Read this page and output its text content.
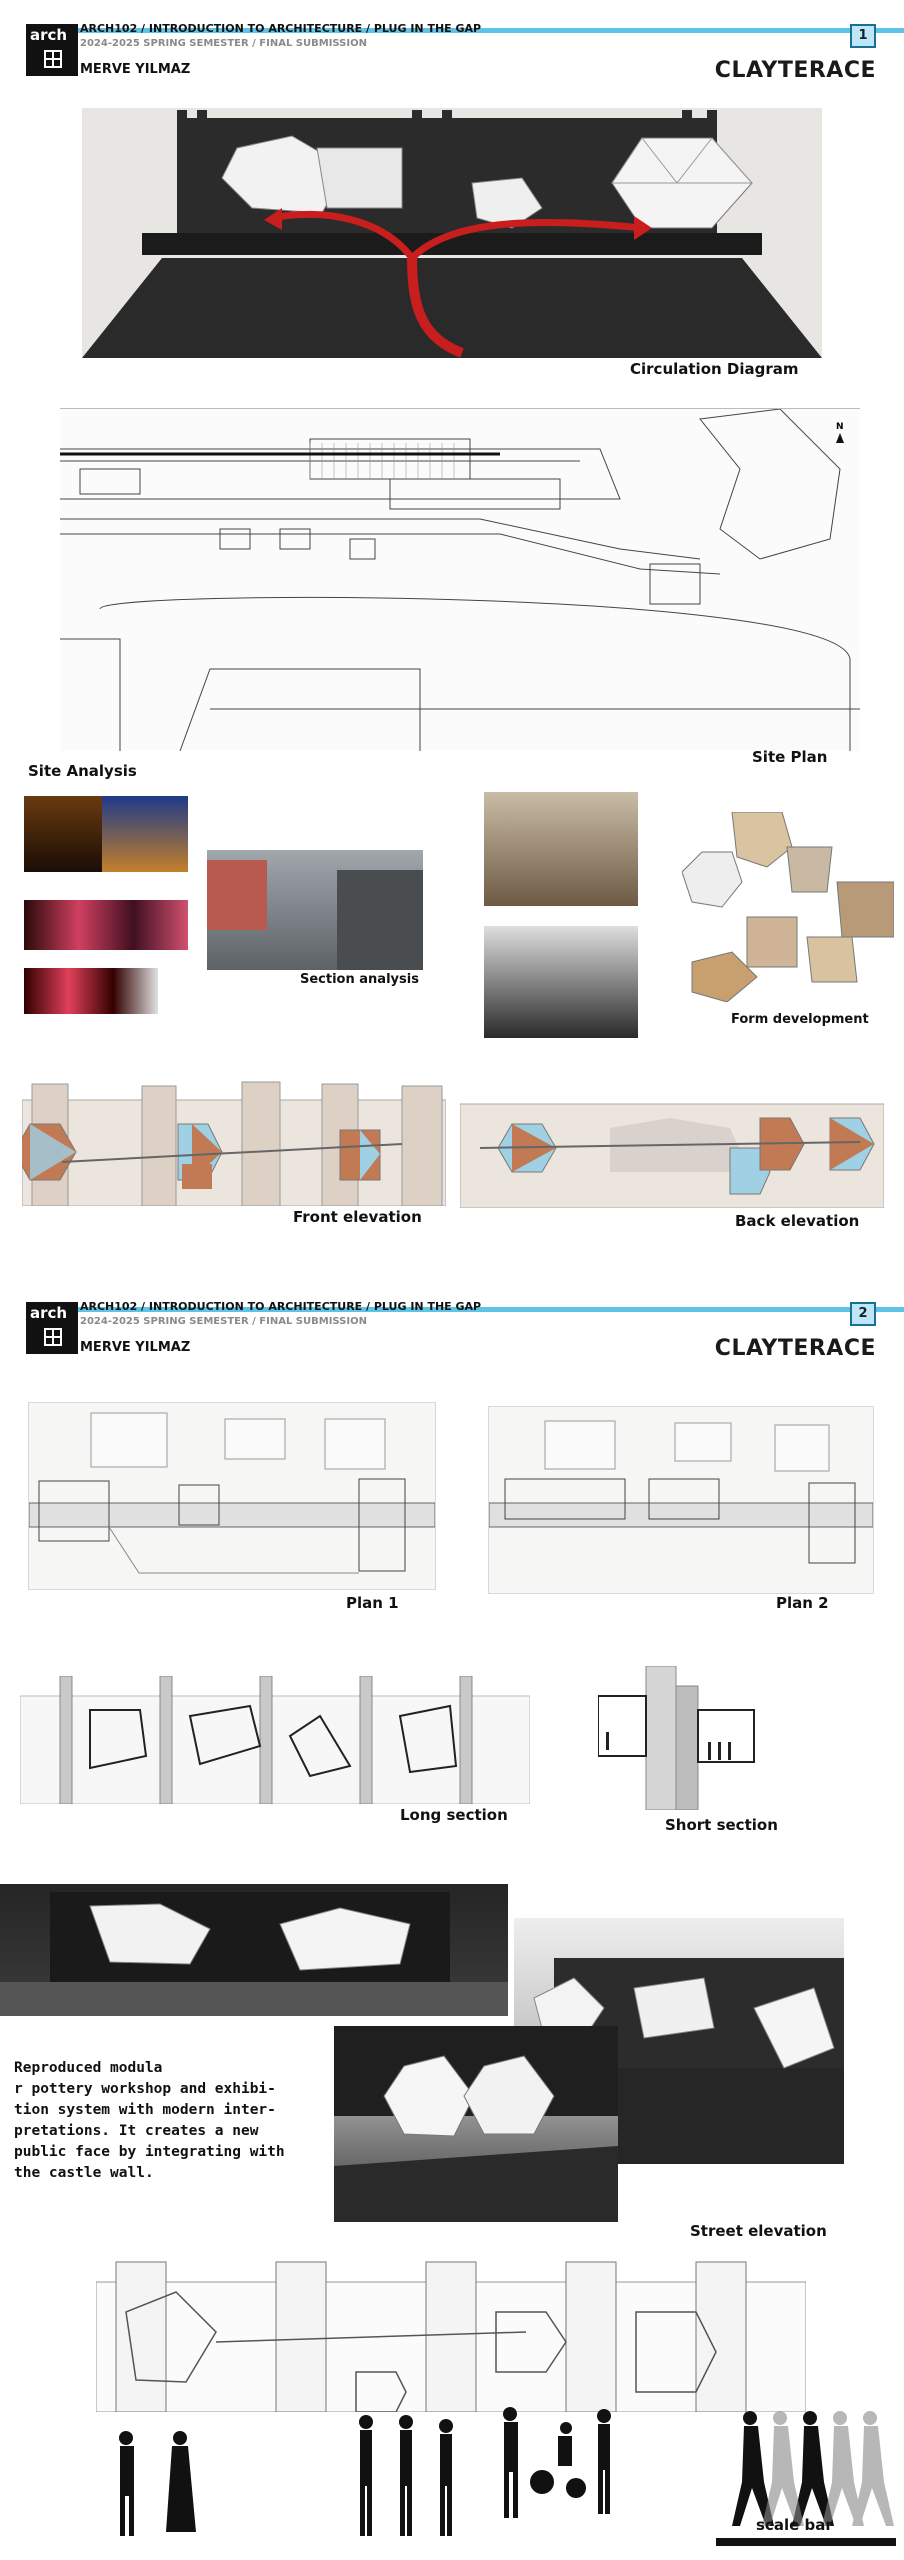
arch ARCH102 / INTRODUCTION TO ARCHITECTURE / PLUG IN THE GAP
2024-2025 SPRING SEMESTER / FINAL SUBMISSION
MERVE YILMAZ
1
CLAYTERACE
Circulation Diagram
N
Site Analysis
Site Plan
Section analysis
Form development
Front elevation	Back elevation
arch ARCH102 / INTRODUCTION TO ARCHITECTURE / PLUG IN THE GAP
2024-2025 SPRING SEMESTER / FINAL SUBMISSION
MERVE YILMAZ
2
CLAYTERACE
Plan 1	Plan 2
Long section
Short section
Reproduced modula
r pottery workshop and exhibi-
tion system with modern inter-
pretations. It creates a new
public face by integrating with
the castle wall.
Street elevation
scale bar
